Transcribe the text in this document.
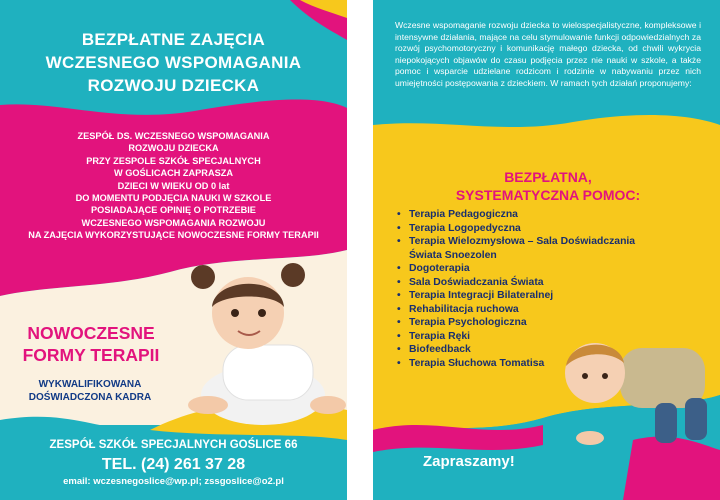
BEZPŁATNE ZAJĘCIA
WCZESNEGO WSPOMAGANIA
ROZWOJU DZIECKA
ZESPÓŁ DS. WCZESNEGO WSPOMAGANIA
ROZWOJU DZIECKA
PRZY ZESPOLE SZKÓŁ SPECJALNYCH
W GOŚLICACH ZAPRASZA
DZIECI W WIEKU OD 0 lat
DO MOMENTU PODJĘCIA NAUKI W SZKOLE
POSIADAJĄCE OPINIĘ O POTRZEBIE
WCZESNEGO WSPOMAGANIA ROZWOJU
NA ZAJĘCIA WYKORZYSTUJĄCE NOWOCZESNE FORMY TERAPII
NOWOCZESNE
FORMY TERAPII
WYKWALIFIKOWANA
DOŚWIADCZONA KADRA
ZESPÓŁ SZKÓŁ SPECJALNYCH GOŚLICE 66
TEL. (24) 261 37 28
email: wczesnegoslice@wp.pl; zssgoslice@o2.pl
Wczesne wspomaganie rozwoju dziecka to wielospecjalistyczne, kompleksowe i intensywne działania, mające na celu stymulowanie funkcji odpowiedzialnych za rozwój psychomotoryczny i komunikację małego dziecka, od chwili wykrycia niepokojących objawów do czasu podjęcia przez nie nauki w szkole, a także pomoc i wsparcie udzielane rodzicom i rodzinie w nabywaniu przez nich umiejętności postępowania z dzieckiem. W ramach tych działań proponujemy:
BEZPŁATNA,
SYSTEMATYCZNA POMOC:
• Terapia Pedagogiczna
• Terapia Logopedyczna
• Terapia Wielozmysłowa – Sala Doświadczania Świata Snoezolen
• Dogoterapia
• Sala Doświadczania Świata
• Terapia Integracji Bilateralnej
• Rehabilitacja ruchowa
• Terapia Psychologiczna
• Terapia Ręki
• Biofeedback
• Terapia Słuchowa Tomatisa
Zapraszamy!
